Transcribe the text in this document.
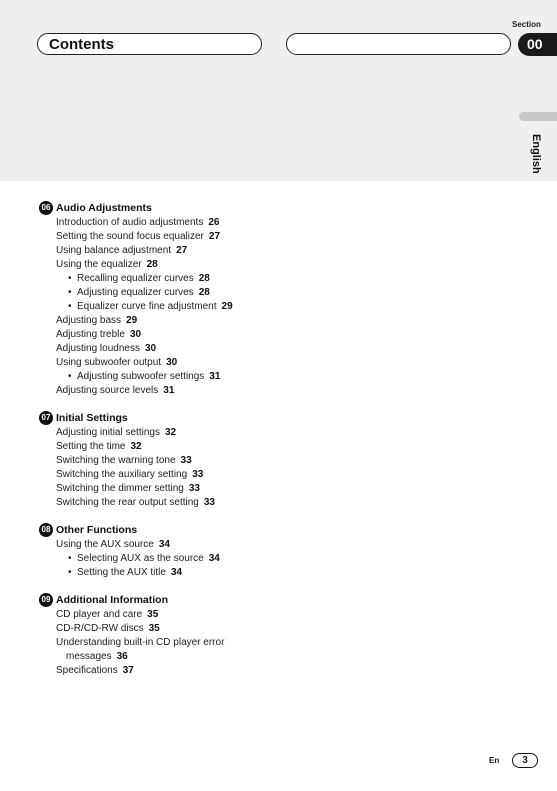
Section
Contents	00
English
06 Audio Adjustments
Introduction of audio adjustments 26
Setting the sound focus equalizer 27
Using balance adjustment 27
Using the equalizer 28
• Recalling equalizer curves 28
• Adjusting equalizer curves 28
• Equalizer curve fine adjustment 29
Adjusting bass 29
Adjusting treble 30
Adjusting loudness 30
Using subwoofer output 30
• Adjusting subwoofer settings 31
Adjusting source levels 31
07 Initial Settings
Adjusting initial settings 32
Setting the time 32
Switching the warning tone 33
Switching the auxiliary setting 33
Switching the dimmer setting 33
Switching the rear output setting 33
08 Other Functions
Using the AUX source 34
• Selecting AUX as the source 34
• Setting the AUX title 34
09 Additional Information
CD player and care 35
CD-R/CD-RW discs 35
Understanding built-in CD player error
messages 36
Specifications 37
En	3
